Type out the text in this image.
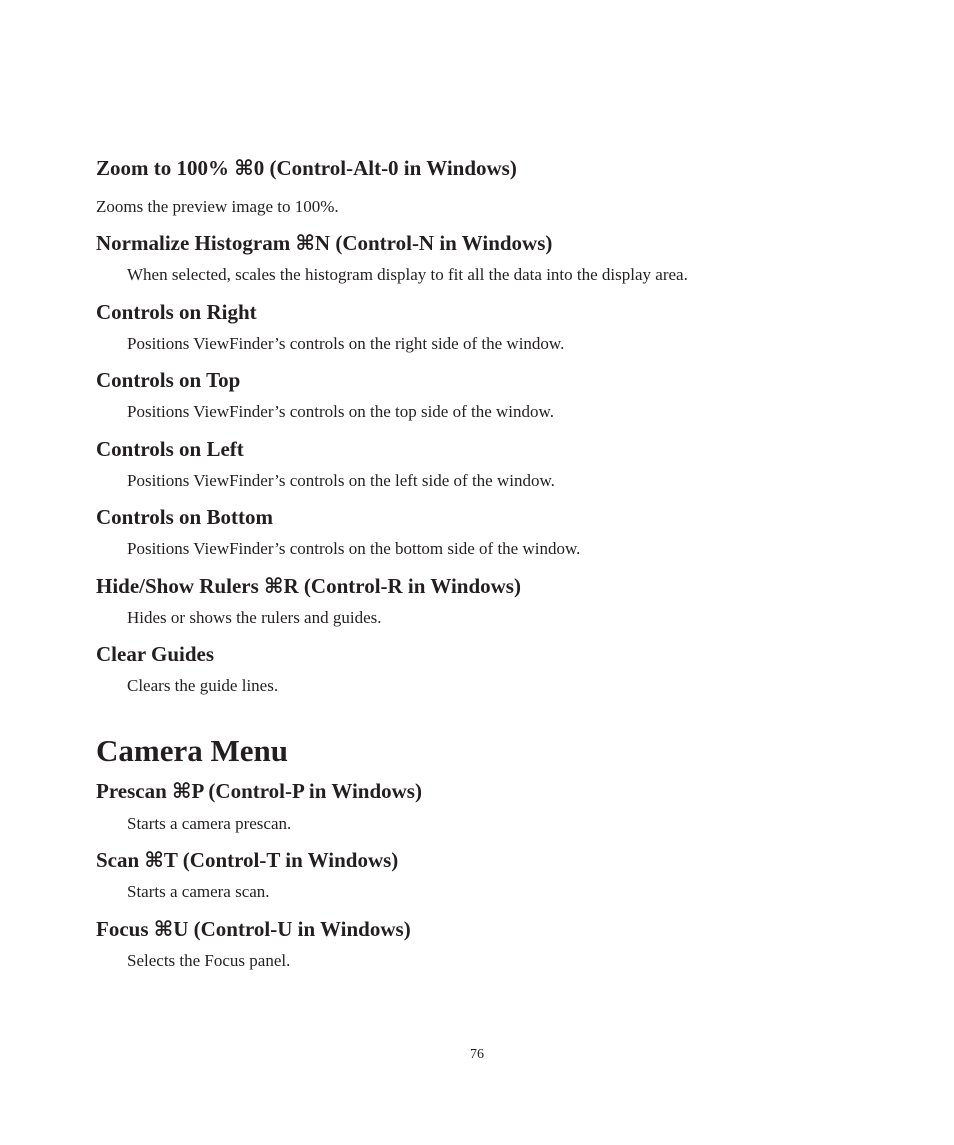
Zoom to 100% ⌘0 (Control-Alt-0 in Windows)
Zooms the preview image to 100%.
Normalize Histogram ⌘N (Control-N in Windows)
When selected, scales the histogram display to fit all the data into the display area.
Controls on Right
Positions ViewFinder’s controls on the right side of the window.
Controls on Top
Positions ViewFinder’s controls on the top side of the window.
Controls on Left
Positions ViewFinder’s controls on the left side of the window.
Controls on Bottom
Positions ViewFinder’s controls on the bottom side of the window.
Hide/Show Rulers ⌘R (Control-R in Windows)
Hides or shows the rulers and guides.
Clear Guides
Clears the guide lines.
Camera Menu
Prescan ⌘P (Control-P in Windows)
Starts a camera prescan.
Scan ⌘T (Control-T in Windows)
Starts a camera scan.
Focus ⌘U (Control-U in Windows)
Selects the Focus panel.
76
